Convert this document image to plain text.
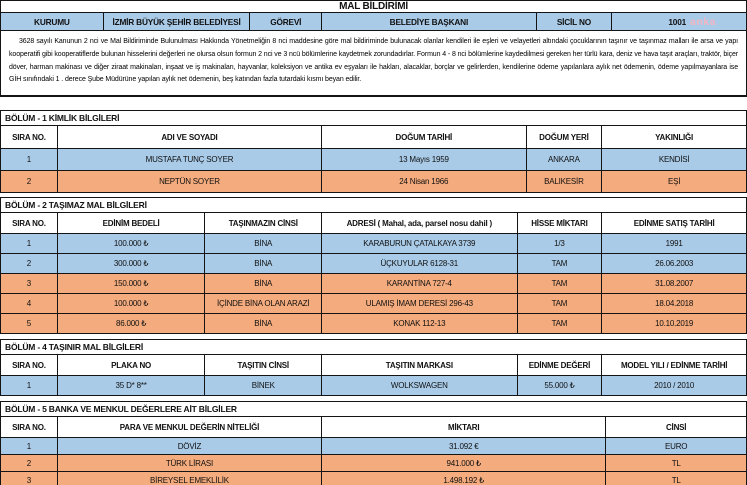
MAL BİLDİRİMİ
KURUMU	İZMİR BÜYÜK ŞEHİR BELEDİYESİ	GÖREVİ	BELEDİYE BAŞKANI	SİCİL NO	1001 anka
3628 sayılı Kanunun 2 nci ve Mal Bildiriminde Bulunulması Hakkında Yönetmeliğin 8 nci maddesine göre mal bildiriminde bulunacak olanlar kendileri ile eşleri ve velayetleri altındaki çocuklarının taşınır ve taşınmaz malları ile arsa ve yapı kooperatifi gibi kooperatiflerde bulunan hisselerini değerleri ne olursa olsun formun 2 nci ve 3 ncü bölümlerine kaydetmek zorundadırlar. Formun 4 - 8 nci bölümlerine kaydedilmesi gereken her türlü kara, deniz ve hava taşıt araçları, traktör, biçer döver, harman makinası ve diğer ziraat makinaları, inşaat ve iş makinaları, hayvanlar, koleksiyon ve antika ev eşyaları ile hakları, alacaklar, borçlar ve gelirlerden, kendilerine ödeme yapılanlara aylık net ödemenin, ödeme yapılmayanlara ise GİH sınıfındaki 1 . derece Şube Müdürüne yapılan aylık net ödemenin, beş katından fazla tutardaki kısmı beyan edilir.
BÖLÜM - 1 KİMLİK BİLGİLERİ
SIRA NO.	ADI VE SOYADI	DOĞUM TARİHİ	DOĞUM YERİ	YAKINLIĞI
1	MUSTAFA TUNÇ SOYER	13 Mayıs 1959	ANKARA	KENDİSİ
2	NEPTÜN SOYER	24 Nisan 1966	BALIKESİR	EŞİ
BÖLÜM - 2 TAŞIMAZ MAL BİLGİLERİ
SIRA NO.	EDİNİM BEDELİ	TAŞINMAZIN CİNSİ	ADRESİ ( Mahal, ada, parsel nosu dahil )	HİSSE MİKTARI	EDİNME SATIŞ TARİHİ
1	100.000 ₺	BİNA	KARABURUN ÇATALKAYA 3739	1/3	1991
2	300.000 ₺	BİNA	ÜÇKUYULAR 6128-31	TAM	26.06.2003
3	150.000 ₺	BİNA	KARANTİNA 727-4	TAM	31.08.2007
4	100.000 ₺	İÇİNDE BİNA OLAN ARAZİ	ULAMIŞ İMAM DERESİ 296-43	TAM	18.04.2018
5	86.000 ₺	BİNA	KONAK 112-13	TAM	10.10.2019
BÖLÜM - 4 TAŞINIR MAL BİLGİLERİ
SIRA NO.	PLAKA NO	TAŞITIN CİNSİ	TAŞITIN MARKASI	EDİNME DEĞERİ	MODEL YILI / EDİNME TARİHİ
1	35 D* 8**	BİNEK	WOLKSWAGEN	55.000 ₺	2010 / 2010
BÖLÜM - 5 BANKA VE MENKUL DEĞERLERE AİT BİLGİLER
SIRA NO.	PARA VE MENKUL DEĞERİN NİTELİĞİ	MİKTARI	CİNSİ
1	DÖVİZ	31.092 €	EURO
2	TÜRK LİRASI	941.000 ₺	TL
3	BİREYSEL EMEKLİLİK	1.498.192 ₺	TL
